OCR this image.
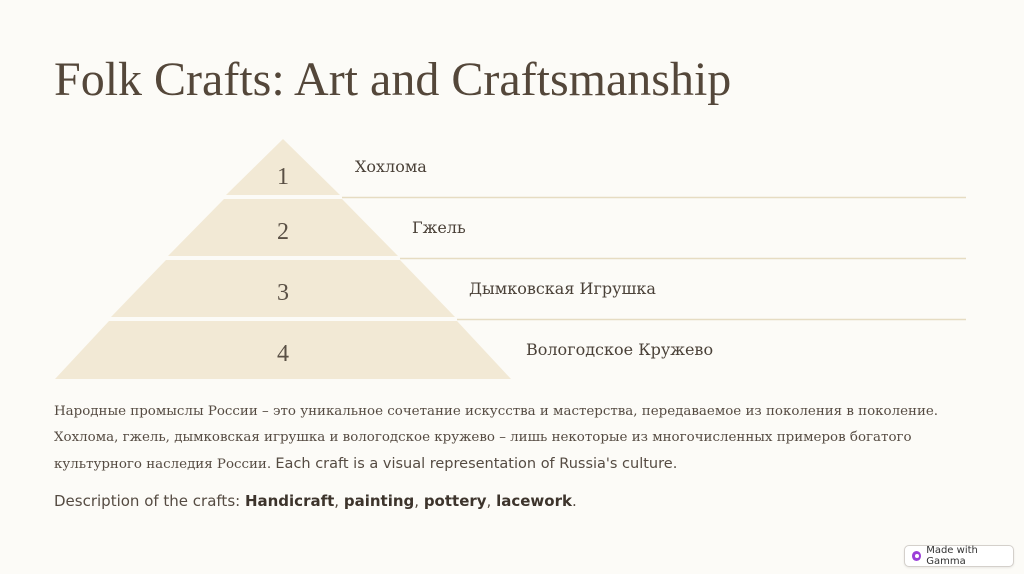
Folk Crafts: Art and Craftsmanship
1
2
3
4
Хохлома
Гжель
Дымковская Игрушка
Вологодское Кружево

Народные промыслы России – это уникальное сочетание искусства и мастерства, передаваемое из поколения в поколение. Хохлома, гжель, дымковская игрушка и вологодское кружево – лишь некоторые из многочисленных примеров богатого культурного наследия России. Each craft is a visual representation of Russia's culture.

Description of the crafts: Handicraft, painting, pottery, lacework.

Made with Gamma
